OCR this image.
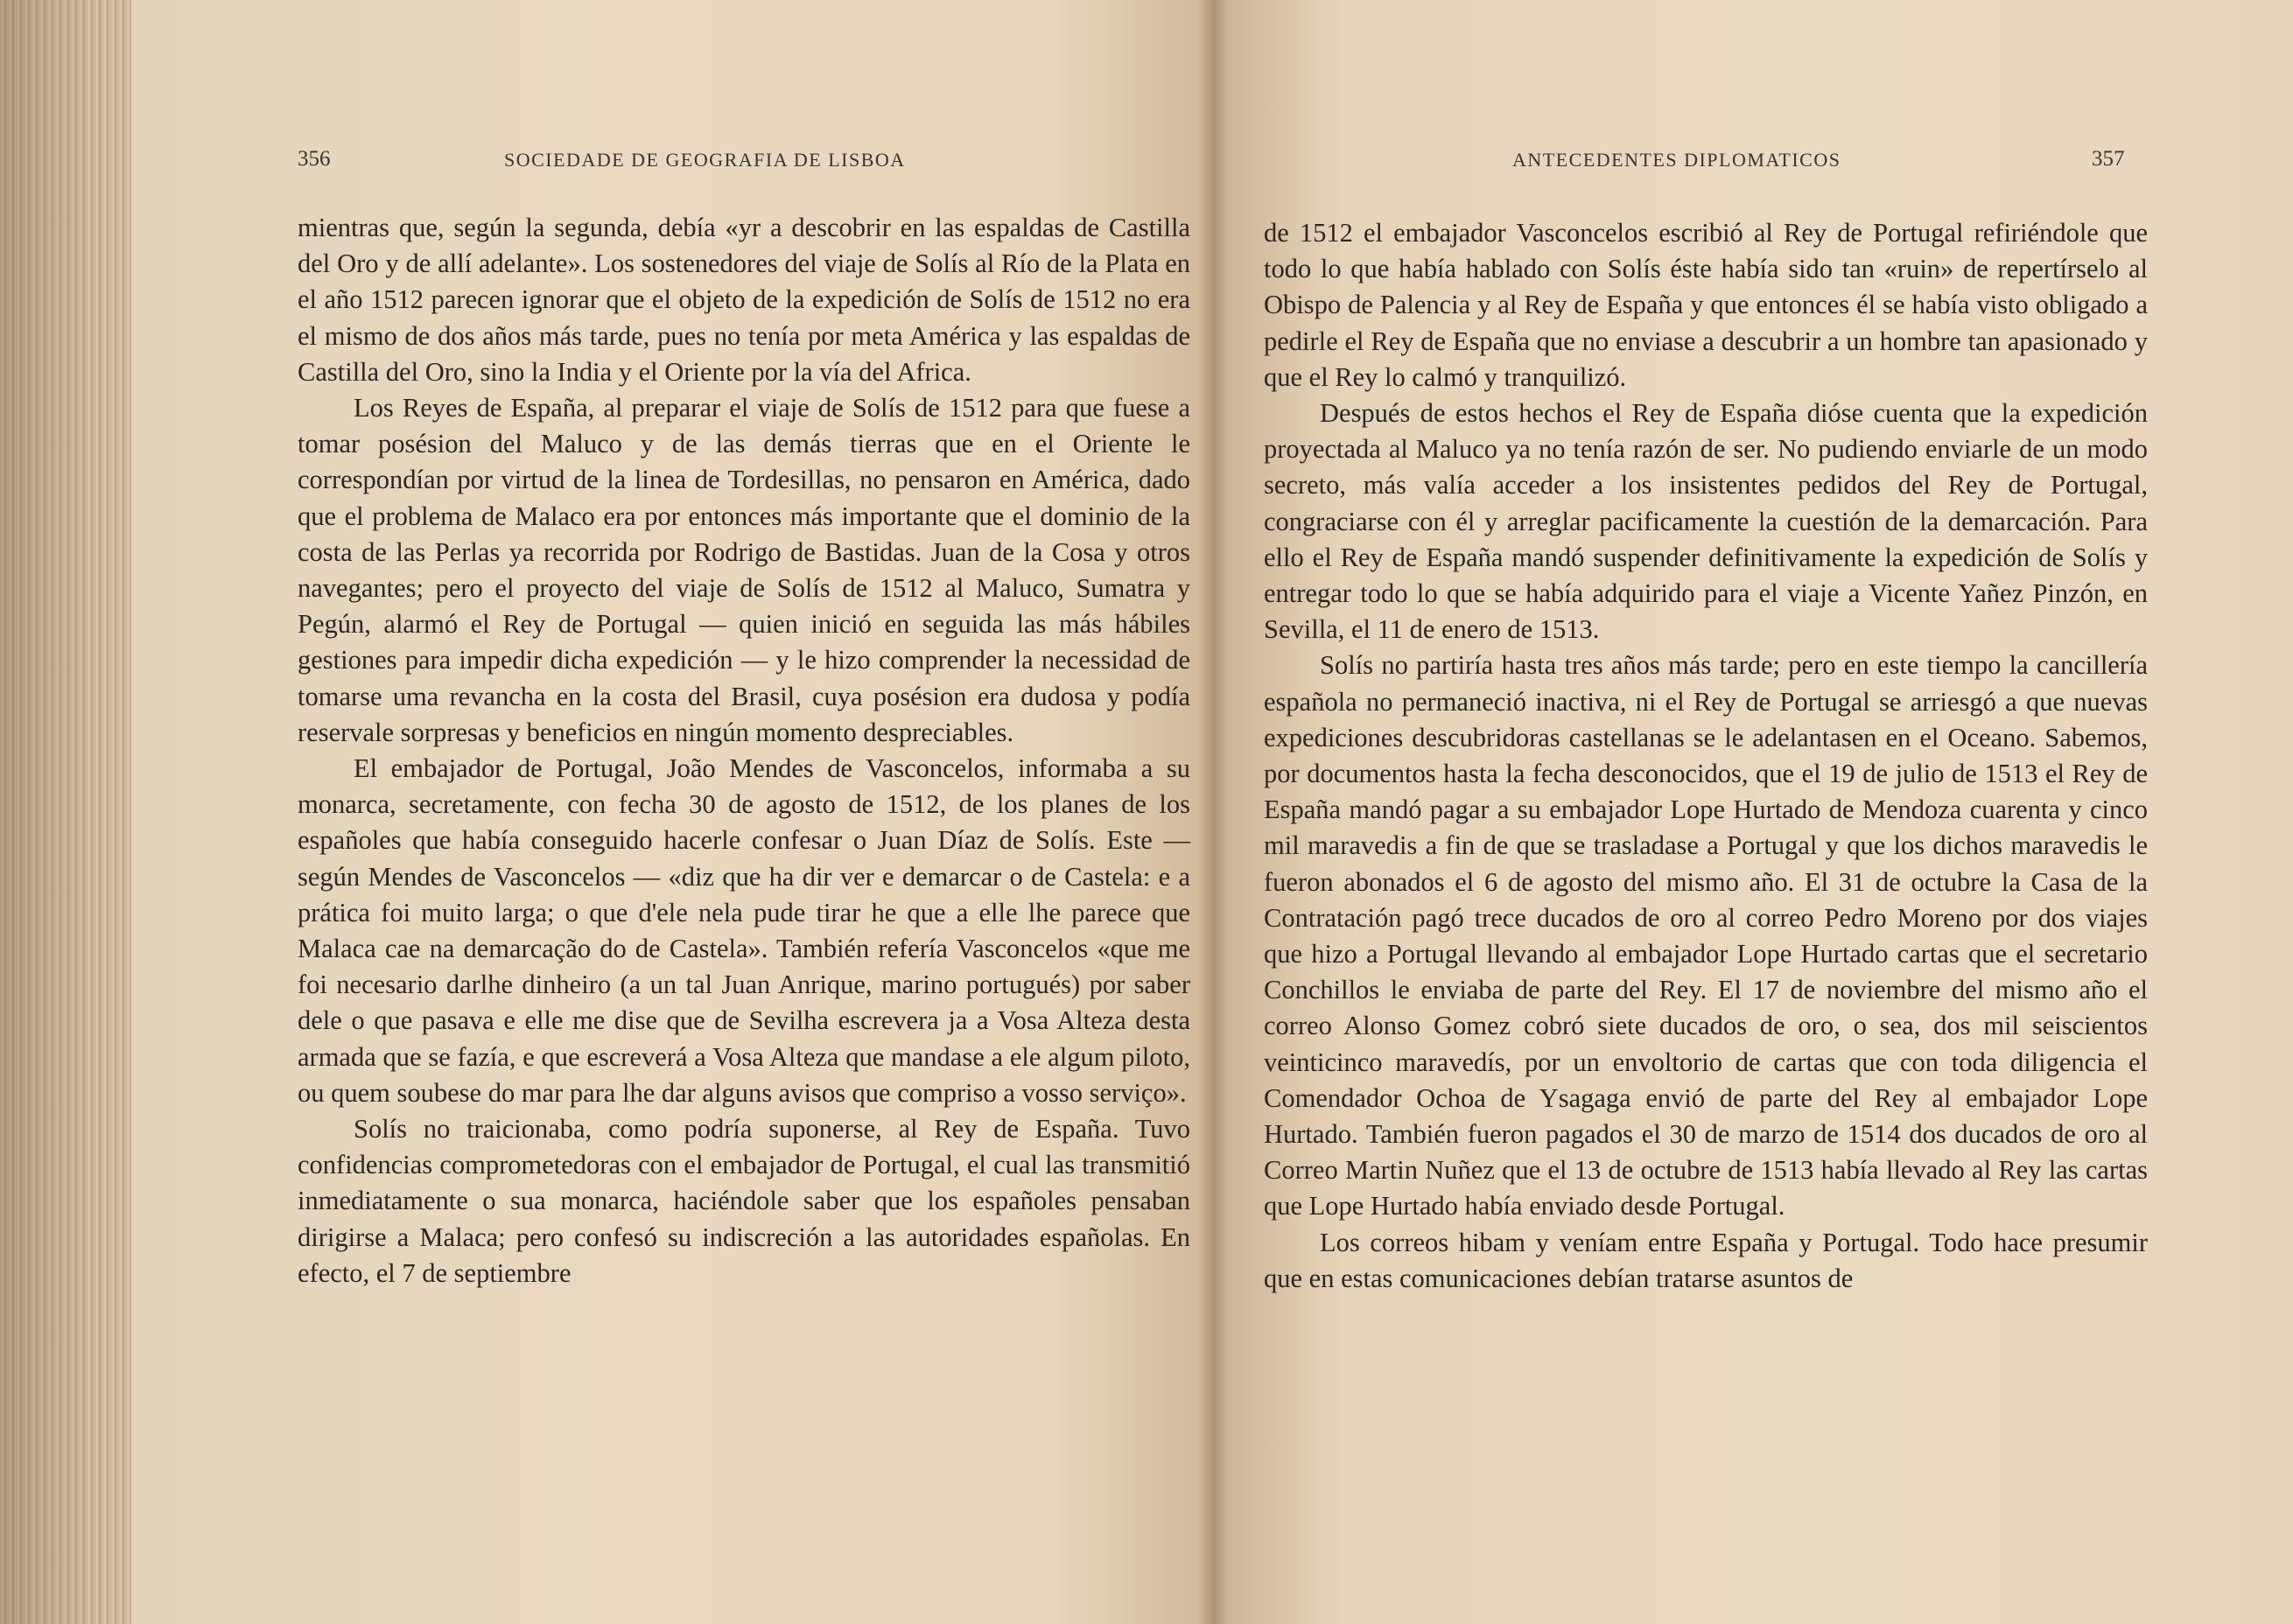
356	SOCIEDADE DE GEOGRAFIA DE LISBOA

mientras que, según la segunda, debía «yr a descobrir en las espaldas de Castilla del Oro y de allí adelante». Los sostenedores del viaje de Solís al Río de la Plata en el año 1512 parecen ignorar que el objeto de la expedición de Solís de 1512 no era el mismo de dos años más tarde, pues no tenía por meta América y las espaldas de Castilla del Oro, sino la India y el Oriente por la vía del Africa.

Los Reyes de España, al preparar el viaje de Solís de 1512 para que fuese a tomar posésion del Maluco y de las demás tierras que en el Oriente le correspondían por virtud de la linea de Tordesillas, no pensaron en América, dado que el problema de Malaco era por entonces más importante que el dominio de la costa de las Perlas ya recorrida por Rodrigo de Bastidas. Juan de la Cosa y otros navegantes; pero el proyecto del viaje de Solís de 1512 al Maluco, Sumatra y Pegún, alarmó el Rey de Portugal — quien inició en seguida las más hábiles gestiones para impedir dicha expedición — y le hizo comprender la necessidad de tomarse uma revancha en la costa del Brasil, cuya posésion era dudosa y podía reservale sorpresas y beneficios en ningún momento despreciables.

El embajador de Portugal, João Mendes de Vasconcelos, informaba a su monarca, secretamente, con fecha 30 de agosto de 1512, de los planes de los españoles que había conseguido hacerle confesar o Juan Díaz de Solís. Este — según Mendes de Vasconcelos — «diz que ha dir ver e demarcar o de Castela: e a prática foi muito larga; o que d'ele nela pude tirar he que a elle lhe parece que Malaca cae na demarcação do de Castela». También refería Vasconcelos «que me foi necesario darlhe dinheiro (a un tal Juan Anrique, marino portugués) por saber dele o que pasava e elle me dise que de Sevilha escrevera ja a Vosa Alteza desta armada que se fazía, e que escreverá a Vosa Alteza que mandase a ele algum piloto, ou quem soubese do mar para lhe dar alguns avisos que compriso a vosso serviço».

Solís no traicionaba, como podría suponerse, al Rey de España. Tuvo confidencias comprometedoras con el embajador de Portugal, el cual las transmitió inmediatamente o sua monarca, haciéndole saber que los españoles pensaban dirigirse a Malaca; pero confesó su indiscreción a las autoridades españolas. En efecto, el 7 de septiembre

ANTECEDENTES DIPLOMATICOS	357

de 1512 el embajador Vasconcelos escribió al Rey de Portugal refiriéndole que todo lo que había hablado con Solís éste había sido tan «ruin» de repertírselo al Obispo de Palencia y al Rey de España y que entonces él se había visto obligado a pedirle el Rey de España que no enviase a descubrir a un hombre tan apasionado y que el Rey lo calmó y tranquilizó.

Después de estos hechos el Rey de España dióse cuenta que la expedición proyectada al Maluco ya no tenía razón de ser. No pudiendo enviarle de un modo secreto, más valía acceder a los insistentes pedidos del Rey de Portugal, congraciarse con él y arreglar pacificamente la cuestión de la demarcación. Para ello el Rey de España mandó suspender definitivamente la expedición de Solís y entregar todo lo que se había adquirido para el viaje a Vicente Yañez Pinzón, en Sevilla, el 11 de enero de 1513.

Solís no partiría hasta tres años más tarde; pero en este tiempo la cancillería española no permaneció inactiva, ni el Rey de Portugal se arriesgó a que nuevas expediciones descubridoras castellanas se le adelantasen en el Oceano. Sabemos, por documentos hasta la fecha desconocidos, que el 19 de julio de 1513 el Rey de España mandó pagar a su embajador Lope Hurtado de Mendoza cuarenta y cinco mil maravedis a fin de que se trasladase a Portugal y que los dichos maravedis le fueron abonados el 6 de agosto del mismo año. El 31 de octubre la Casa de la Contratación pagó trece ducados de oro al correo Pedro Moreno por dos viajes que hizo a Portugal llevando al embajador Lope Hurtado cartas que el secretario Conchillos le enviaba de parte del Rey. El 17 de noviembre del mismo año el correo Alonso Gomez cobró siete ducados de oro, o sea, dos mil seiscientos veinticinco maravedís, por un envoltorio de cartas que con toda diligencia el Comendador Ochoa de Ysagaga envió de parte del Rey al embajador Lope Hurtado. También fueron pagados el 30 de marzo de 1514 dos ducados de oro al Correo Martin Nuñez que el 13 de octubre de 1513 había llevado al Rey las cartas que Lope Hurtado había enviado desde Portugal.

Los correos hibam y veníam entre España y Portugal. Todo hace presumir que en estas comunicaciones debían tratarse asuntos de
